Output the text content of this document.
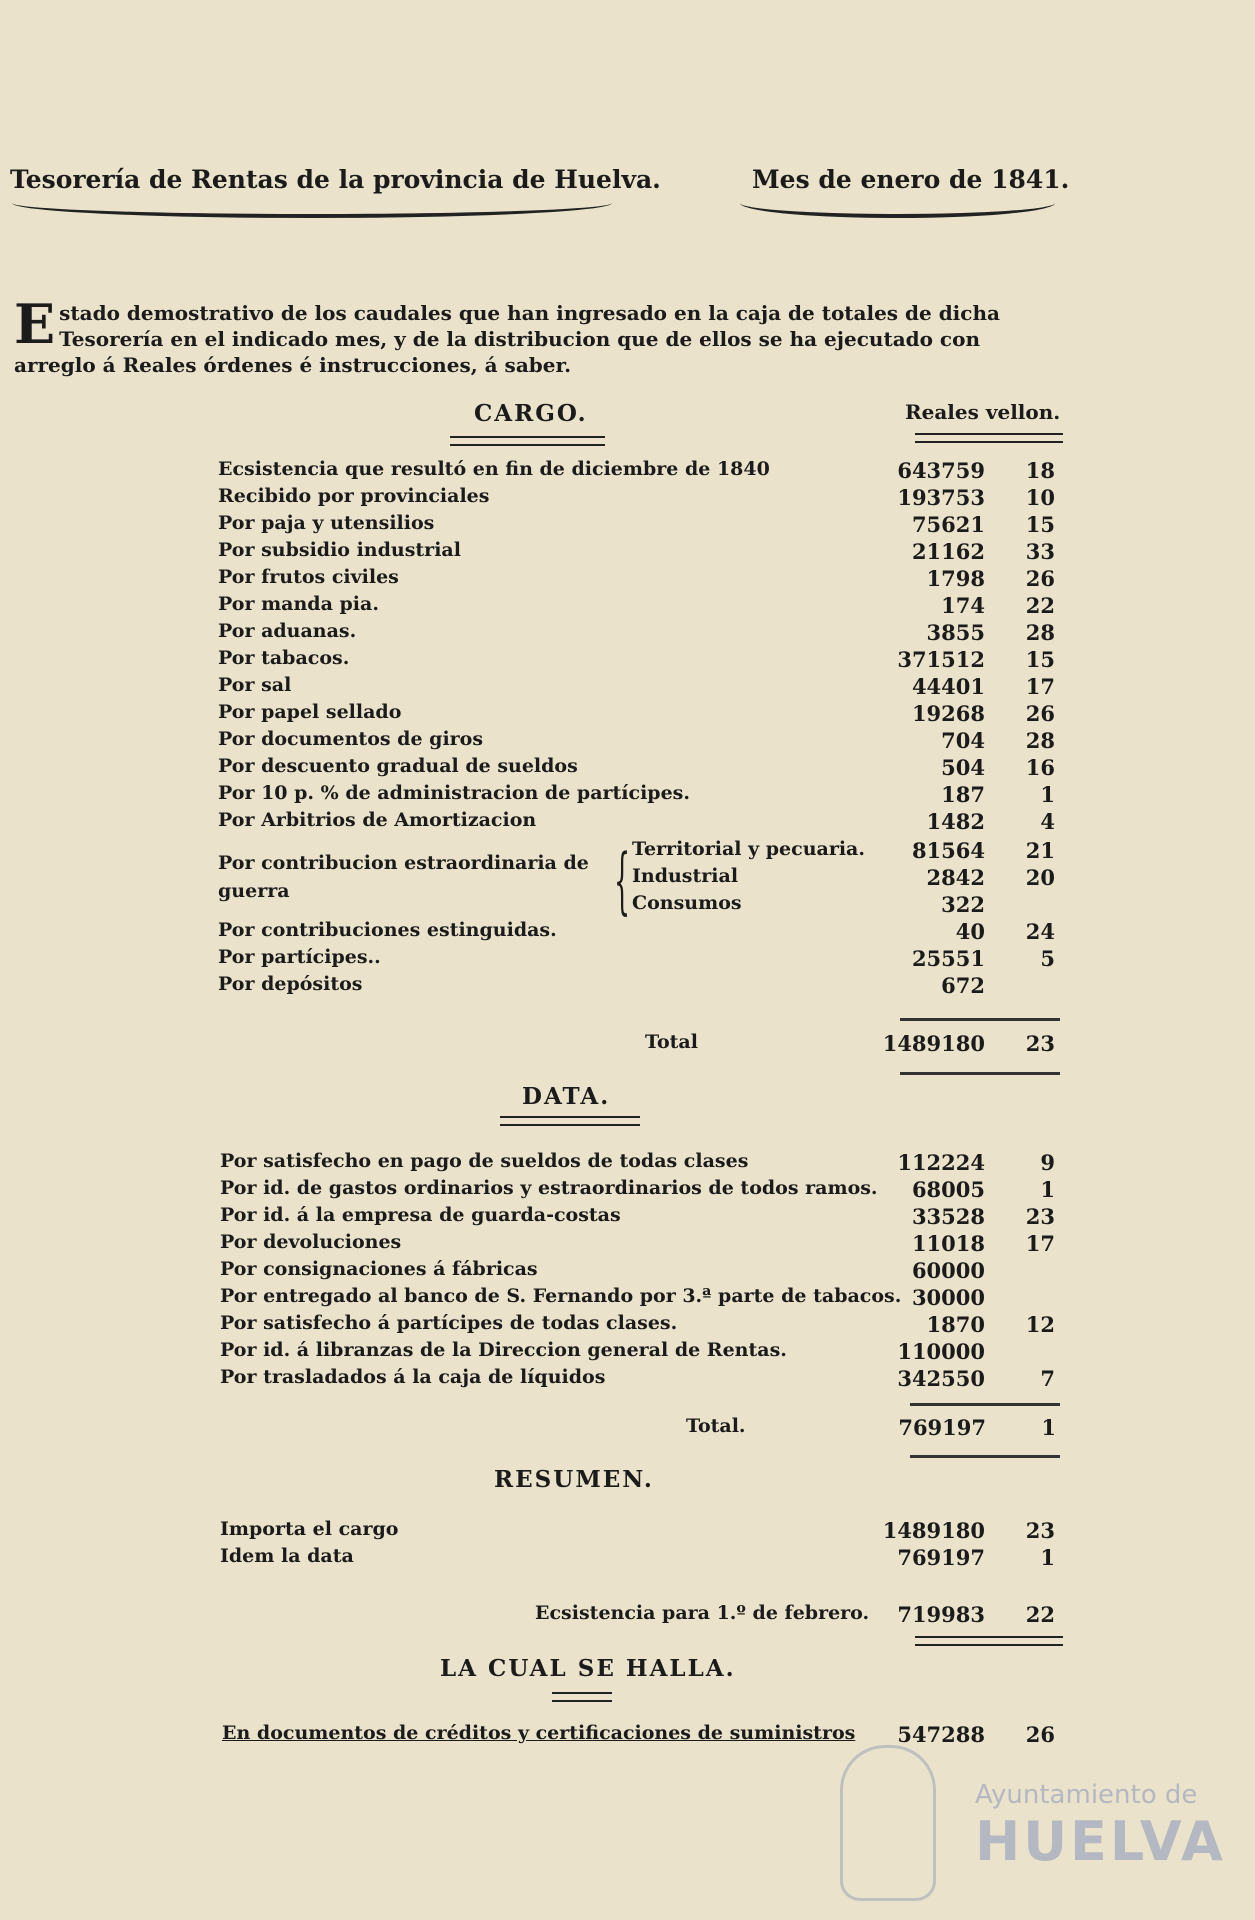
Tesorería de Rentas de la provincia de Huelva.	Mes de enero de 1841.
Estado demostrativo de los caudales que han ingresado en la caja de totales de dicha Tesorería en el indicado mes, y de la distribucion que de ellos se ha ejecutado con arreglo á Reales órdenes é instrucciones, á saber.
CARGO.	Reales vellon.
Ecsistencia que resultó en fin de diciembre de 1840	643759 18
Recibido por provinciales	193753 10
Por paja y utensilios	75621 15
Por subsidio industrial	21162 33
Por frutos civiles	1798 26
Por manda pia.	174 22
Por aduanas.	3855 28
Por tabacos.	371512 15
Por sal	44401 17
Por papel sellado	19268 26
Por documentos de giros	704 28
Por descuento gradual de sueldos	504 16
Por 10 p. % de administracion de partícipes.	187	1
Por Arbitrios de Amortizacion	1482	4
Por contribucion estraordinaria de
guerra	{ Territorial y pecuaria. 81564 21
Industrial	2842 20
Consumos	322
Por contribuciones estinguidas.	40 24
Por partícipes..	25551	5
Por depósitos	672
Total	1489180 23
DATA.
Por satisfecho en pago de sueldos de todas clases	112224	9
Por id. de gastos ordinarios y estraordinarios de todos ramos. 68005	1
Por id. á la empresa de guarda-costas	33528 23
Por devoluciones	11018 17
Por consignaciones á fábricas	60000
Por entregado al banco de S. Fernando por 3.ª parte de tabacos. 30000
Por satisfecho á partícipes de todas clases.	1870 12
Por id. á libranzas de la Direccion general de Rentas.	110000
Por trasladados á la caja de líquidos	342550	7
Total.	769197	1
RESUMEN.
Importa el cargo	1489180 23
Idem la data	769197	1
Ecsistencia para 1.º de febrero. 719983 22
LA CUAL SE HALLA.
En documentos de créditos y certificaciones de suministros 547288 26
Ayuntamiento de
HUELVA
